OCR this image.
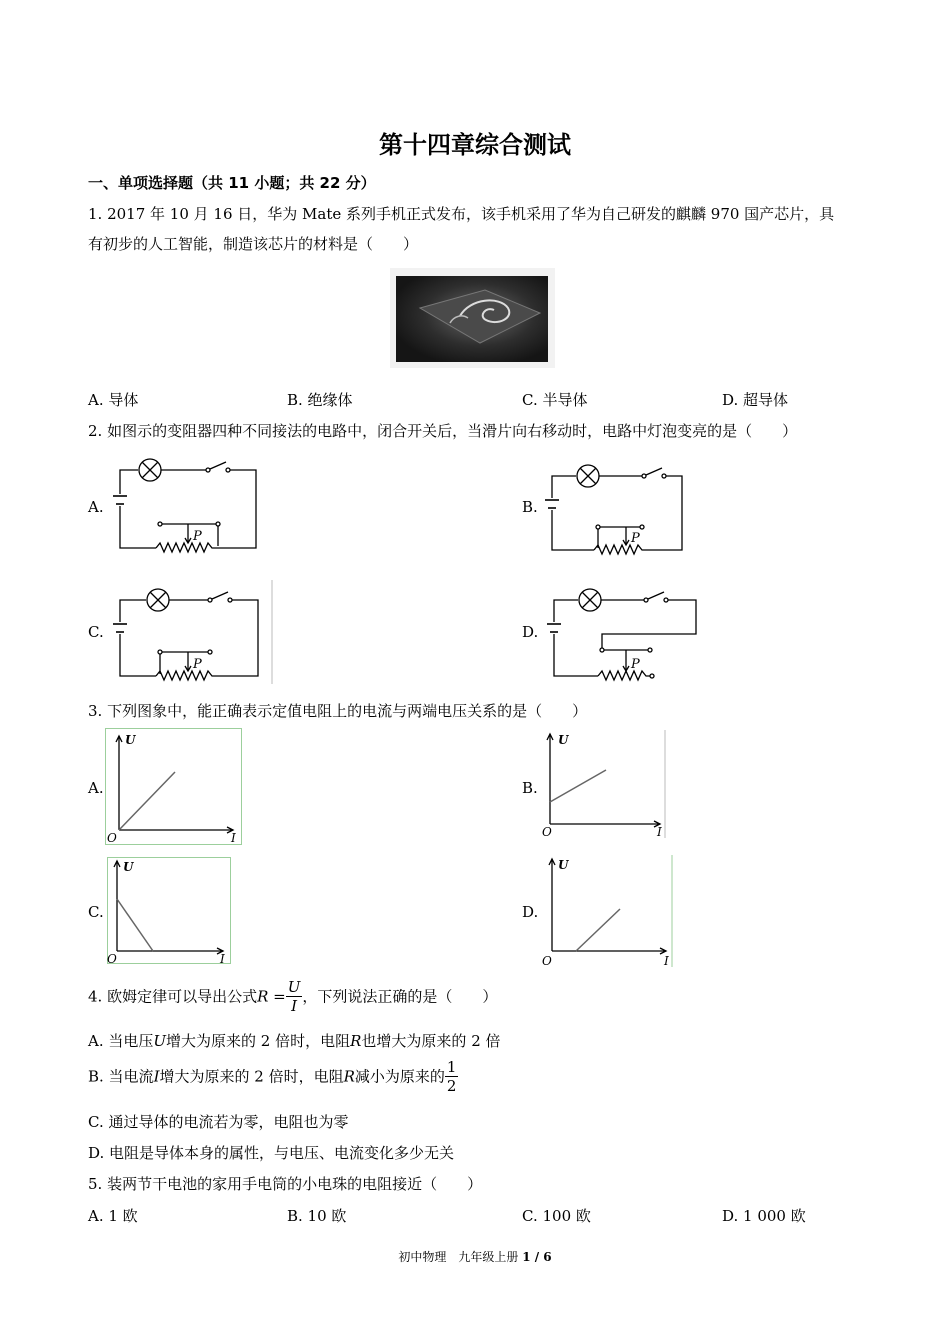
第十四章综合测试
一、单项选择题（共 11 小题；共 22 分）
1. 2017 年 10 月 16 日，华为 Mate 系列手机正式发布，该手机采用了华为自己研发的麒麟 970 国产芯片，具
有初步的人工智能，制造该芯片的材料是（　　）
A. 导体	B. 绝缘体	C. 半导体	D. 超导体
2. 如图示的变阻器四种不同接法的电路中，闭合开关后，当滑片向右移动时，电路中灯泡变亮的是（　　）
A.
P
B.
P
C.
P
D.
P
3. 下列图象中，能正确表示定值电阻上的电流与两端电压关系的是（　　）
A.
U
I
O
B.
U
I
O
C.
U
I
O
D.
U
I
O
4. 欧姆定律可以导出公式$R = \frac{U}{I}$ ，下列说法正确的是（　　）
A. 当电压U增大为原来的 2 倍时，电阻R也增大为原来的 2 倍
B. 当电流I增大为原来的 2 倍时，电阻R减小为原来的 $\frac{1}{2}$
C. 通过导体的电流若为零，电阻也为零
D. 电阻是导体本身的属性，与电压、电流变化多少无关
5. 装两节干电池的家用手电筒的小电珠的电阻接近（　　）
A. 1 欧	B. 10 欧	C. 100 欧	D. 1 000 欧
初中物理　九年级上册 1 / 6
